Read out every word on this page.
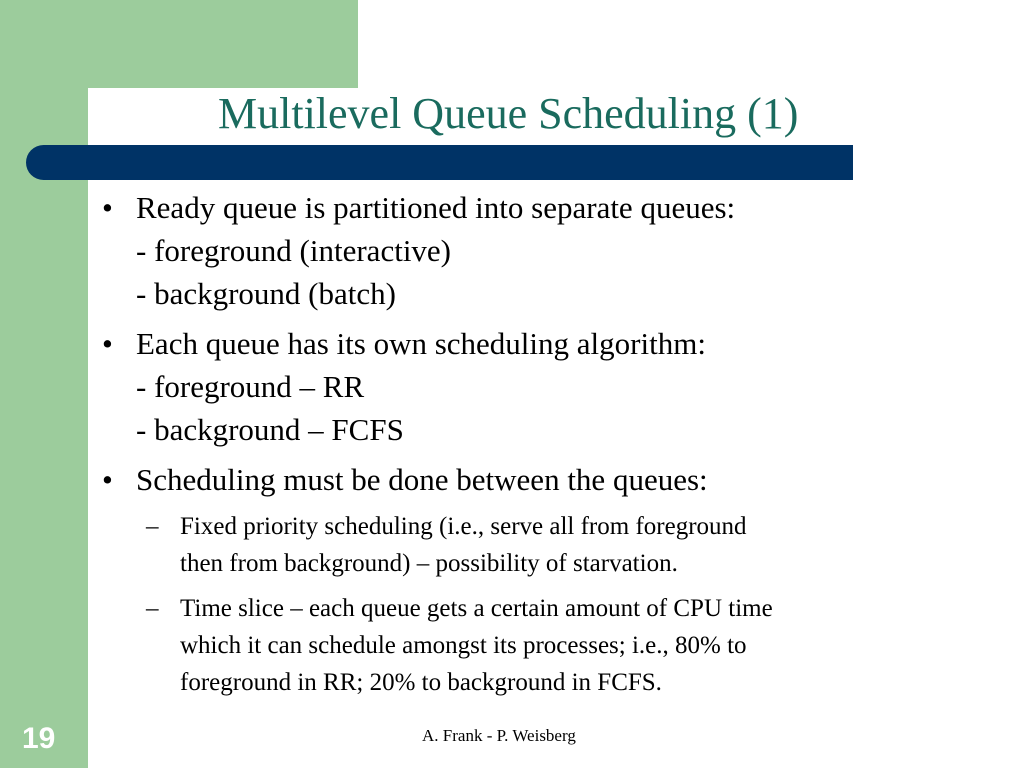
Multilevel Queue Scheduling (1)
• Ready queue is partitioned into separate queues:
- foreground (interactive)
- background (batch)
• Each queue has its own scheduling algorithm:
- foreground – RR
- background – FCFS
• Scheduling must be done between the queues:
– Fixed priority scheduling (i.e., serve all from foreground
then from background) – possibility of starvation.
– Time slice – each queue gets a certain amount of CPU time
which it can schedule amongst its processes; i.e., 80% to
foreground in RR; 20% to background in FCFS.
19	A. Frank - P. Weisberg
